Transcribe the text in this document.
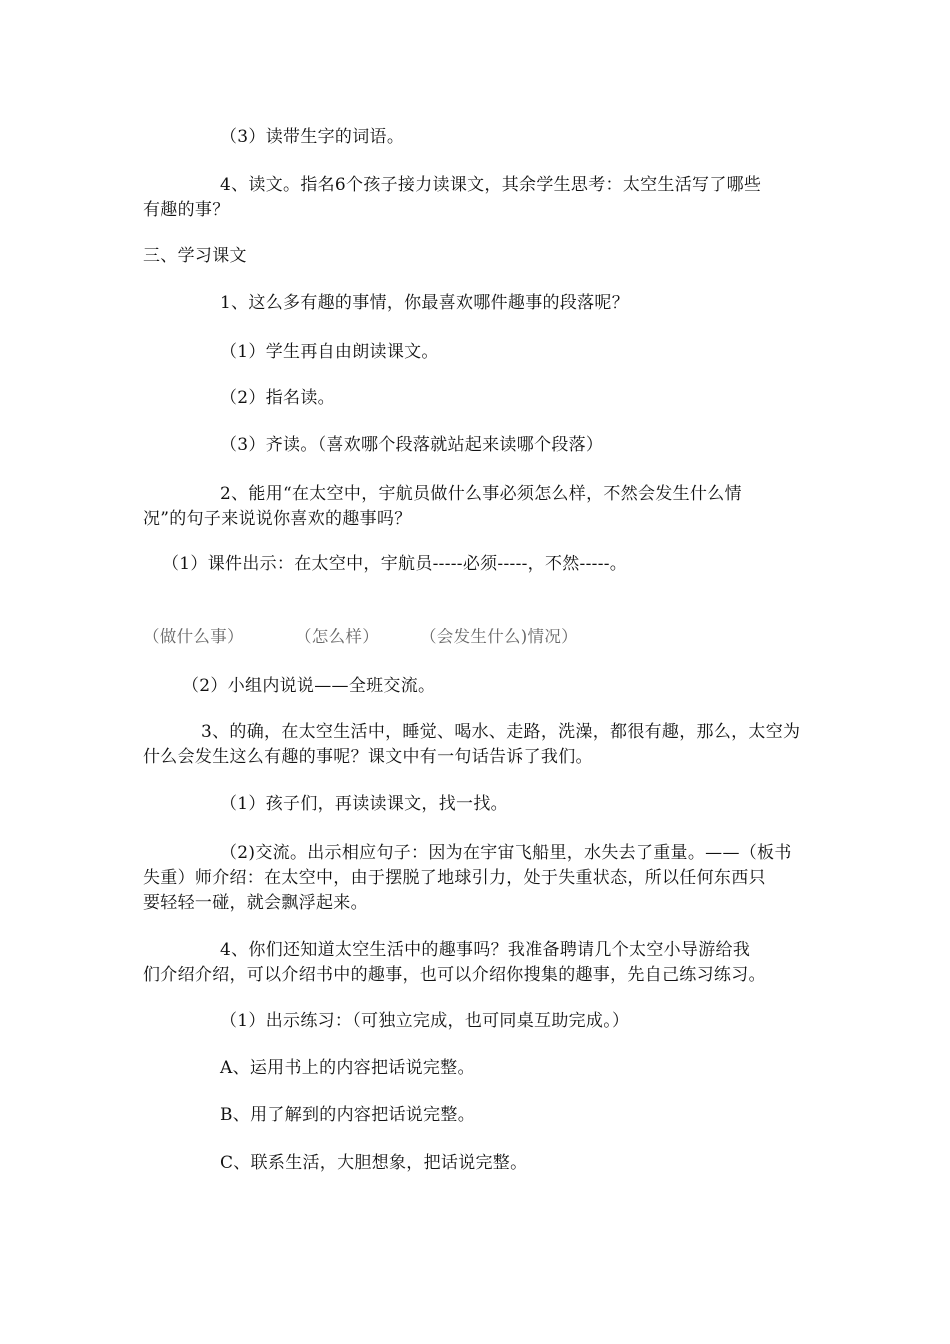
（3）读带生字的词语。
4、读文。指名6个孩子接力读课文，其余学生思考：太空生活写了哪些
有趣的事？
三、学习课文
1、这么多有趣的事情，你最喜欢哪件趣事的段落呢？
（1）学生再自由朗读课文。
（2）指名读。
（3）齐读。（喜欢哪个段落就站起来读哪个段落）
2、能用“在太空中，宇航员做什么事必须怎么样，不然会发生什么情
况”的句子来说说你喜欢的趣事吗？
（1）课件出示：在太空中，宇航员-----必须-----，不然-----。
（做什么事）	（怎么样） （会发生什么)情况）
（2）小组内说说——全班交流。
3、的确，在太空生活中，睡觉、喝水、走路，洗澡，都很有趣，那么，太空为
什么会发生这么有趣的事呢？课文中有一句话告诉了我们。
（1）孩子们，再读读课文，找一找。
（2)交流。出示相应句子：因为在宇宙飞船里，水失去了重量。——（板书
失重）师介绍：在太空中，由于摆脱了地球引力，处于失重状态，所以任何东西只
要轻轻一碰，就会飘浮起来。
4、你们还知道太空生活中的趣事吗？我准备聘请几个太空小导游给我
们介绍介绍，可以介绍书中的趣事，也可以介绍你搜集的趣事，先自己练习练习。
（1）出示练习：（可独立完成，也可同桌互助完成。）
A、运用书上的内容把话说完整。
B、用了解到的内容把话说完整。
C、联系生活，大胆想象，把话说完整。
